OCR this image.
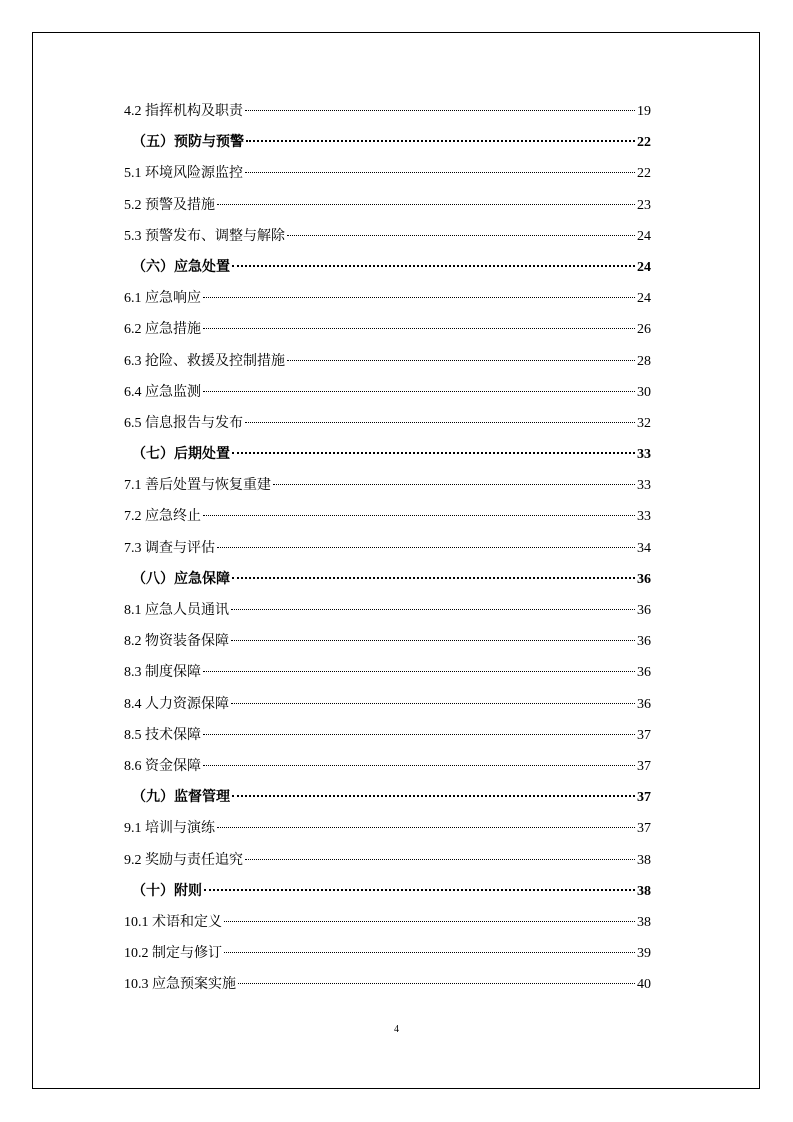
4.2 指挥机构及职责	19
（五）预防与预警	22
5.1 环境风险源监控	22
5.2 预警及措施	23
5.3 预警发布、调整与解除	24
（六）应急处置	24
6.1 应急响应	24
6.2 应急措施	26
6.3 抢险、救援及控制措施	28
6.4 应急监测	30
6.5 信息报告与发布	32
（七）后期处置	33
7.1 善后处置与恢复重建	33
7.2 应急终止	33
7.3 调查与评估	34
（八）应急保障	36
8.1 应急人员通讯	36
8.2 物资装备保障	36
8.3 制度保障	36
8.4 人力资源保障	36
8.5 技术保障	37
8.6 资金保障	37
（九）监督管理	37
9.1 培训与演练	37
9.2 奖励与责任追究	38
（十）附则	38
10.1 术语和定义	38
10.2 制定与修订	39
10.3 应急预案实施	40
4
